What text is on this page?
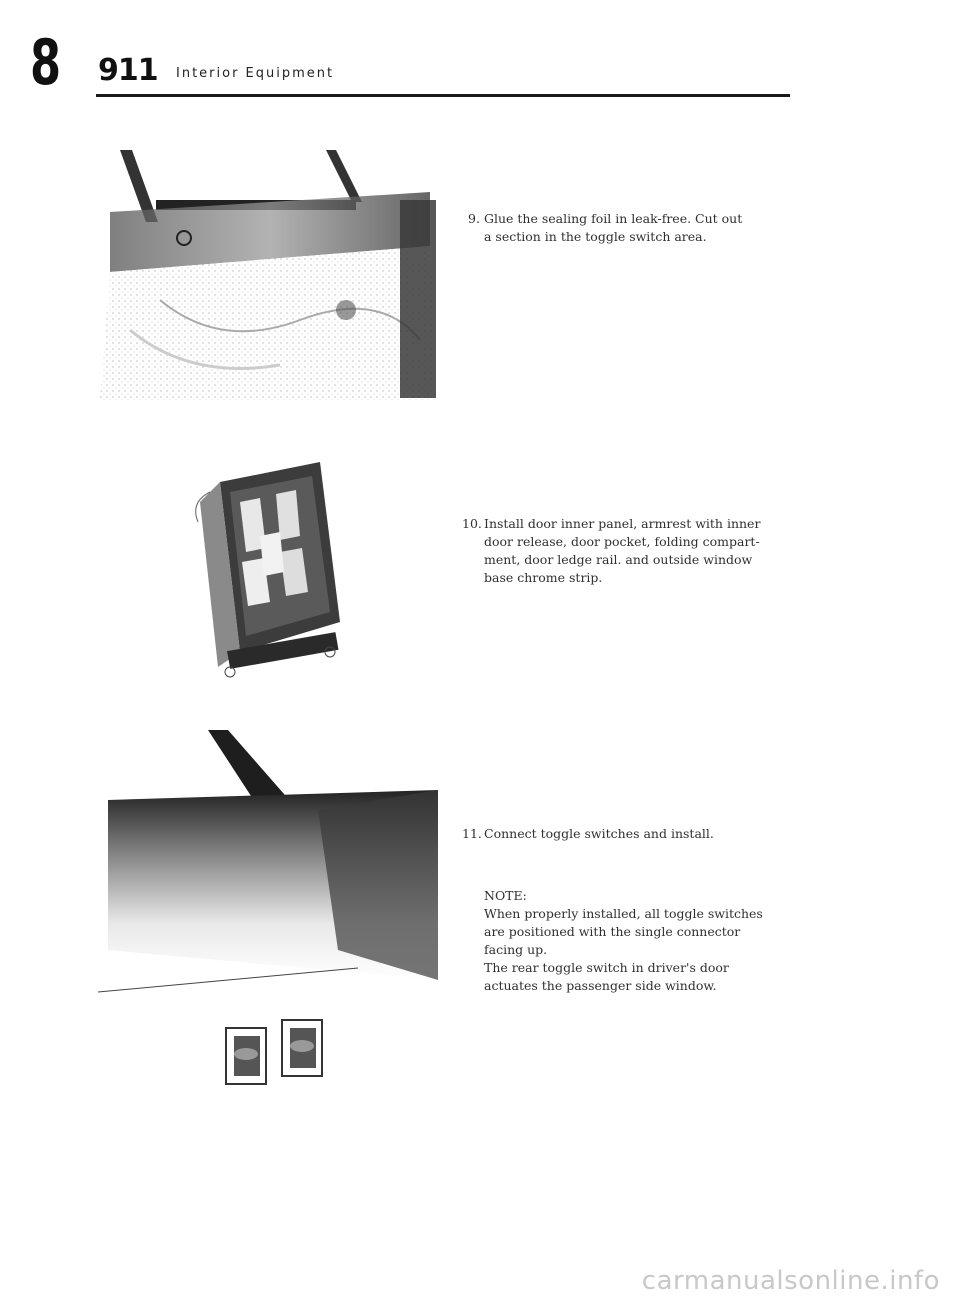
8 911 Interior Equipment
9. Glue the sealing foil in leak-free. Cut out
a section in the toggle switch area.
10. Install door inner panel, armrest with inner
door release, door pocket, folding compart-
ment, door ledge rail. and outside window
base chrome strip.
11. Connect toggle switches and install.
NOTE:
When properly installed, all toggle switches
are positioned with the single connector
facing up.
The rear toggle switch in driver's door
actuates the passenger side window.
carmanualsonline.info
